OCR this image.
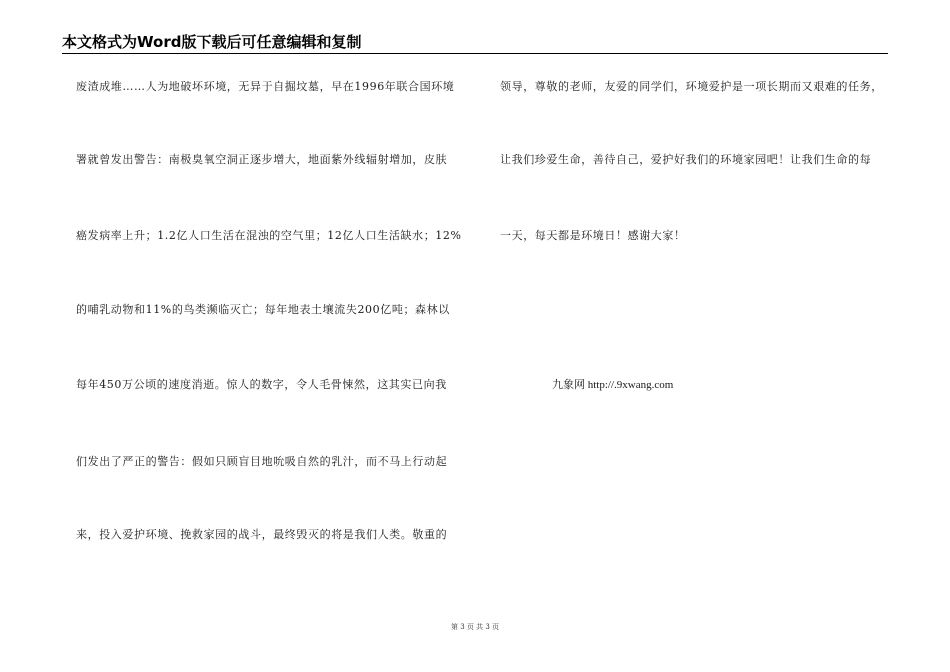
本文格式为Word版下载后可任意编辑和复制
废渣成堆……人为地破坏环境，无异于自掘坟墓，早在1996年联合国环境
署就曾发出警告：南极臭氧空洞正逐步增大，地面紫外线辐射增加，皮肤
癌发病率上升；1.2亿人口生活在混浊的空气里；12亿人口生活缺水；12%
的哺乳动物和11%的鸟类濒临灭亡；每年地表土壤流失200亿吨；森林以
每年450万公顷的速度消逝。惊人的数字，令人毛骨悚然，这其实已向我
们发出了严正的警告：假如只顾盲目地吮吸自然的乳汁，而不马上行动起
来，投入爱护环境、挽救家园的战斗，最终毁灭的将是我们人类。敬重的
领导，尊敬的老师，友爱的同学们，环境爱护是一项长期而又艰难的任务，
让我们珍爱生命，善待自己，爱护好我们的环境家园吧！让我们生命的每
一天，每天都是环境日！感谢大家！
九象网 http://.9xwang.com
第 3 页 共 3 页
